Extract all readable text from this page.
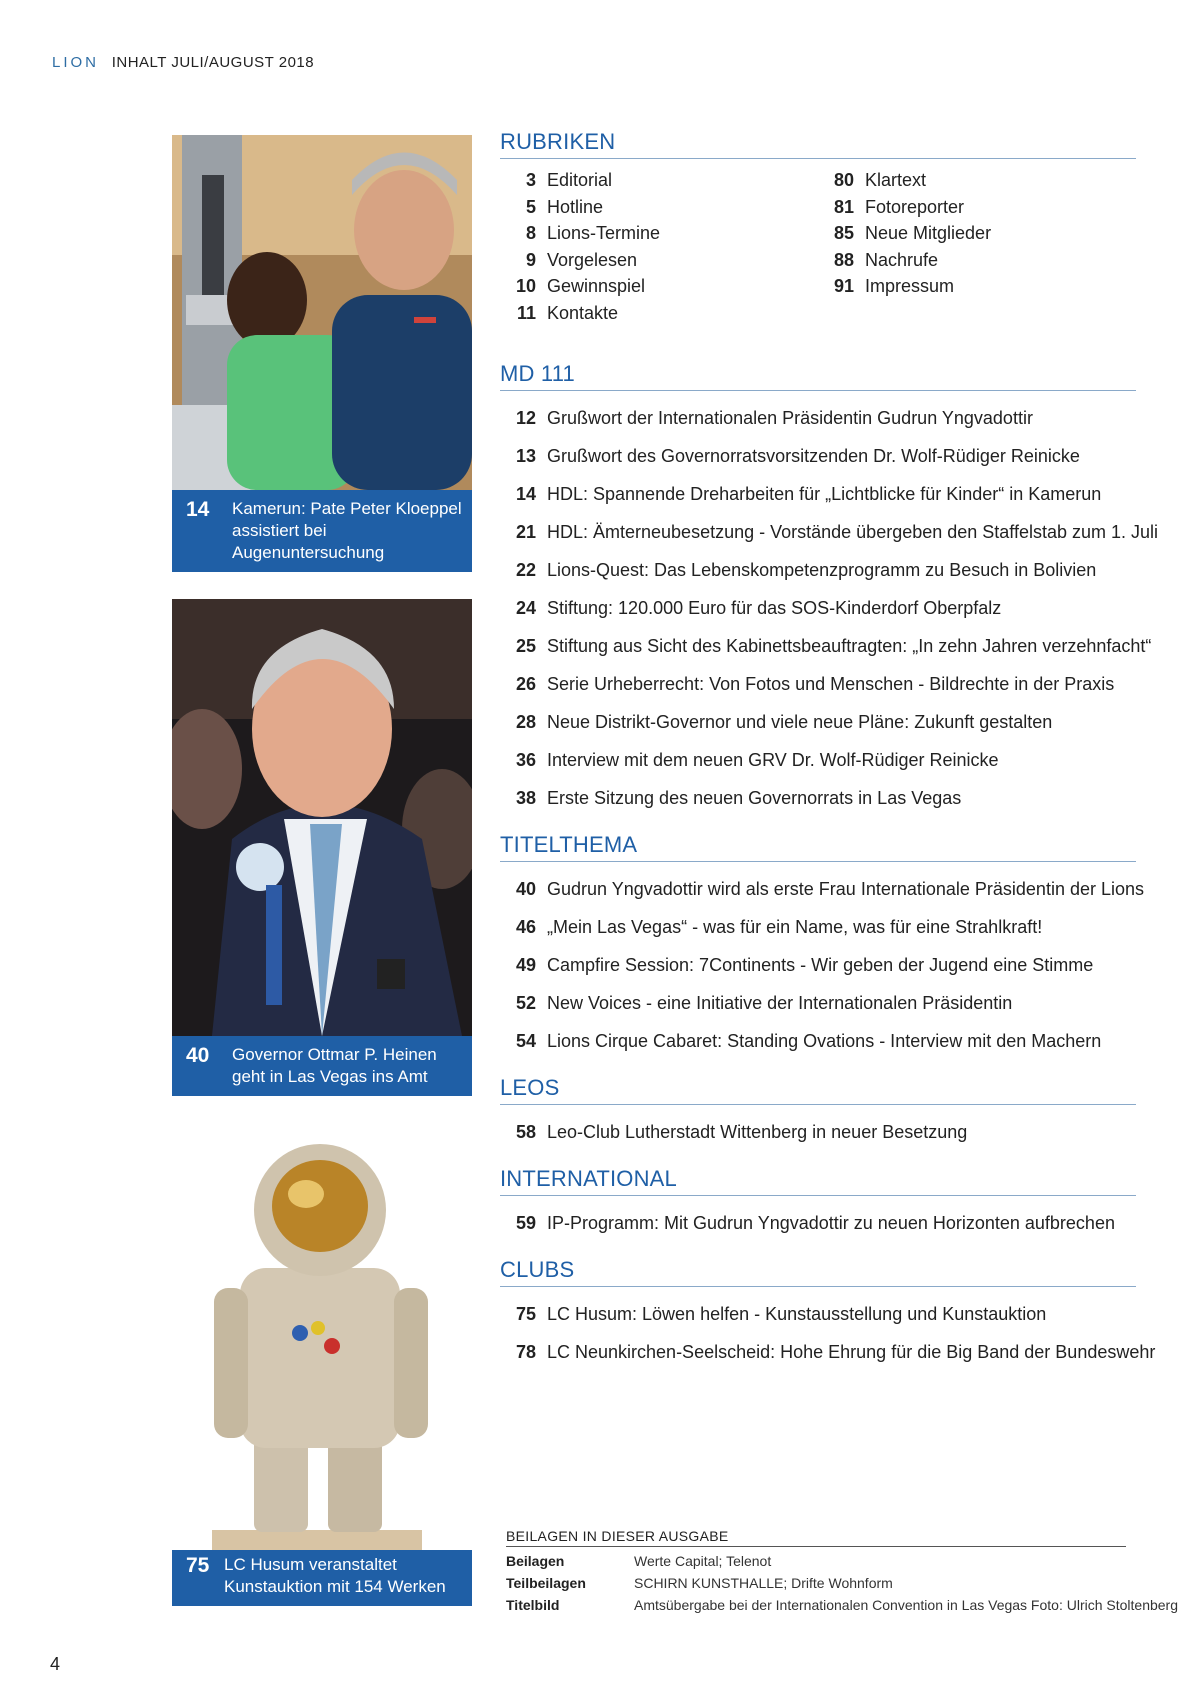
LION INHALT JULI/AUGUST 2018
14	Kamerun: Pate Peter Kloeppel assistiert bei Augenuntersuchung
40	Governor Ottmar P. Heinen geht in Las Vegas ins Amt
75 LC Husum veranstaltet Kunstauktion mit 154 Werken
RUBRIKEN
3 Editorial
5 Hotline
8 Lions-Termine
9 Vorgelesen
10 Gewinnspiel
11 Kontakte
80 Klartext
81 Fotoreporter
85 Neue Mitglieder
88 Nachrufe
91 Impressum
MD 111
12 Grußwort der Internationalen Präsidentin Gudrun Yngvadottir
13 Grußwort des Governorratsvorsitzenden Dr. Wolf-Rüdiger Reinicke
14 HDL: Spannende Dreharbeiten für „Lichtblicke für Kinder“ in Kamerun
21 HDL: Ämterneubesetzung - Vorstände übergeben den Staffelstab zum 1. Juli
22 Lions-Quest: Das Lebenskompetenzprogramm zu Besuch in Bolivien
24 Stiftung: 120.000 Euro für das SOS-Kinderdorf Oberpfalz
25 Stiftung aus Sicht des Kabinettsbeauftragten: „In zehn Jahren verzehnfacht“
26 Serie Urheberrecht: Von Fotos und Menschen - Bildrechte in der Praxis
28 Neue Distrikt-Governor und viele neue Pläne: Zukunft gestalten
36 Interview mit dem neuen GRV Dr. Wolf-Rüdiger Reinicke
38 Erste Sitzung des neuen Governorrats in Las Vegas
TITELTHEMA
40 Gudrun Yngvadottir wird als erste Frau Internationale Präsidentin der Lions
46 „Mein Las Vegas“ - was für ein Name, was für eine Strahlkraft!
49 Campfire Session: 7Continents - Wir geben der Jugend eine Stimme
52 New Voices - eine Initiative der Internationalen Präsidentin
54 Lions Cirque Cabaret: Standing Ovations - Interview mit den Machern
LEOS
58 Leo-Club Lutherstadt Wittenberg in neuer Besetzung
INTERNATIONAL
59 IP-Programm: Mit Gudrun Yngvadottir zu neuen Horizonten aufbrechen
CLUBS
75 LC Husum: Löwen helfen - Kunstausstellung und Kunstauktion
78 LC Neunkirchen-Seelscheid: Hohe Ehrung für die Big Band der Bundeswehr
BEILAGEN IN DIESER AUSGABE
Beilagen	Werte Capital; Telenot
Teilbeilagen	SCHIRN KUNSTHALLE; Drifte Wohnform
Titelbild	Amtsübergabe bei der Internationalen Convention in Las Vegas Foto: Ulrich Stoltenberg
4
